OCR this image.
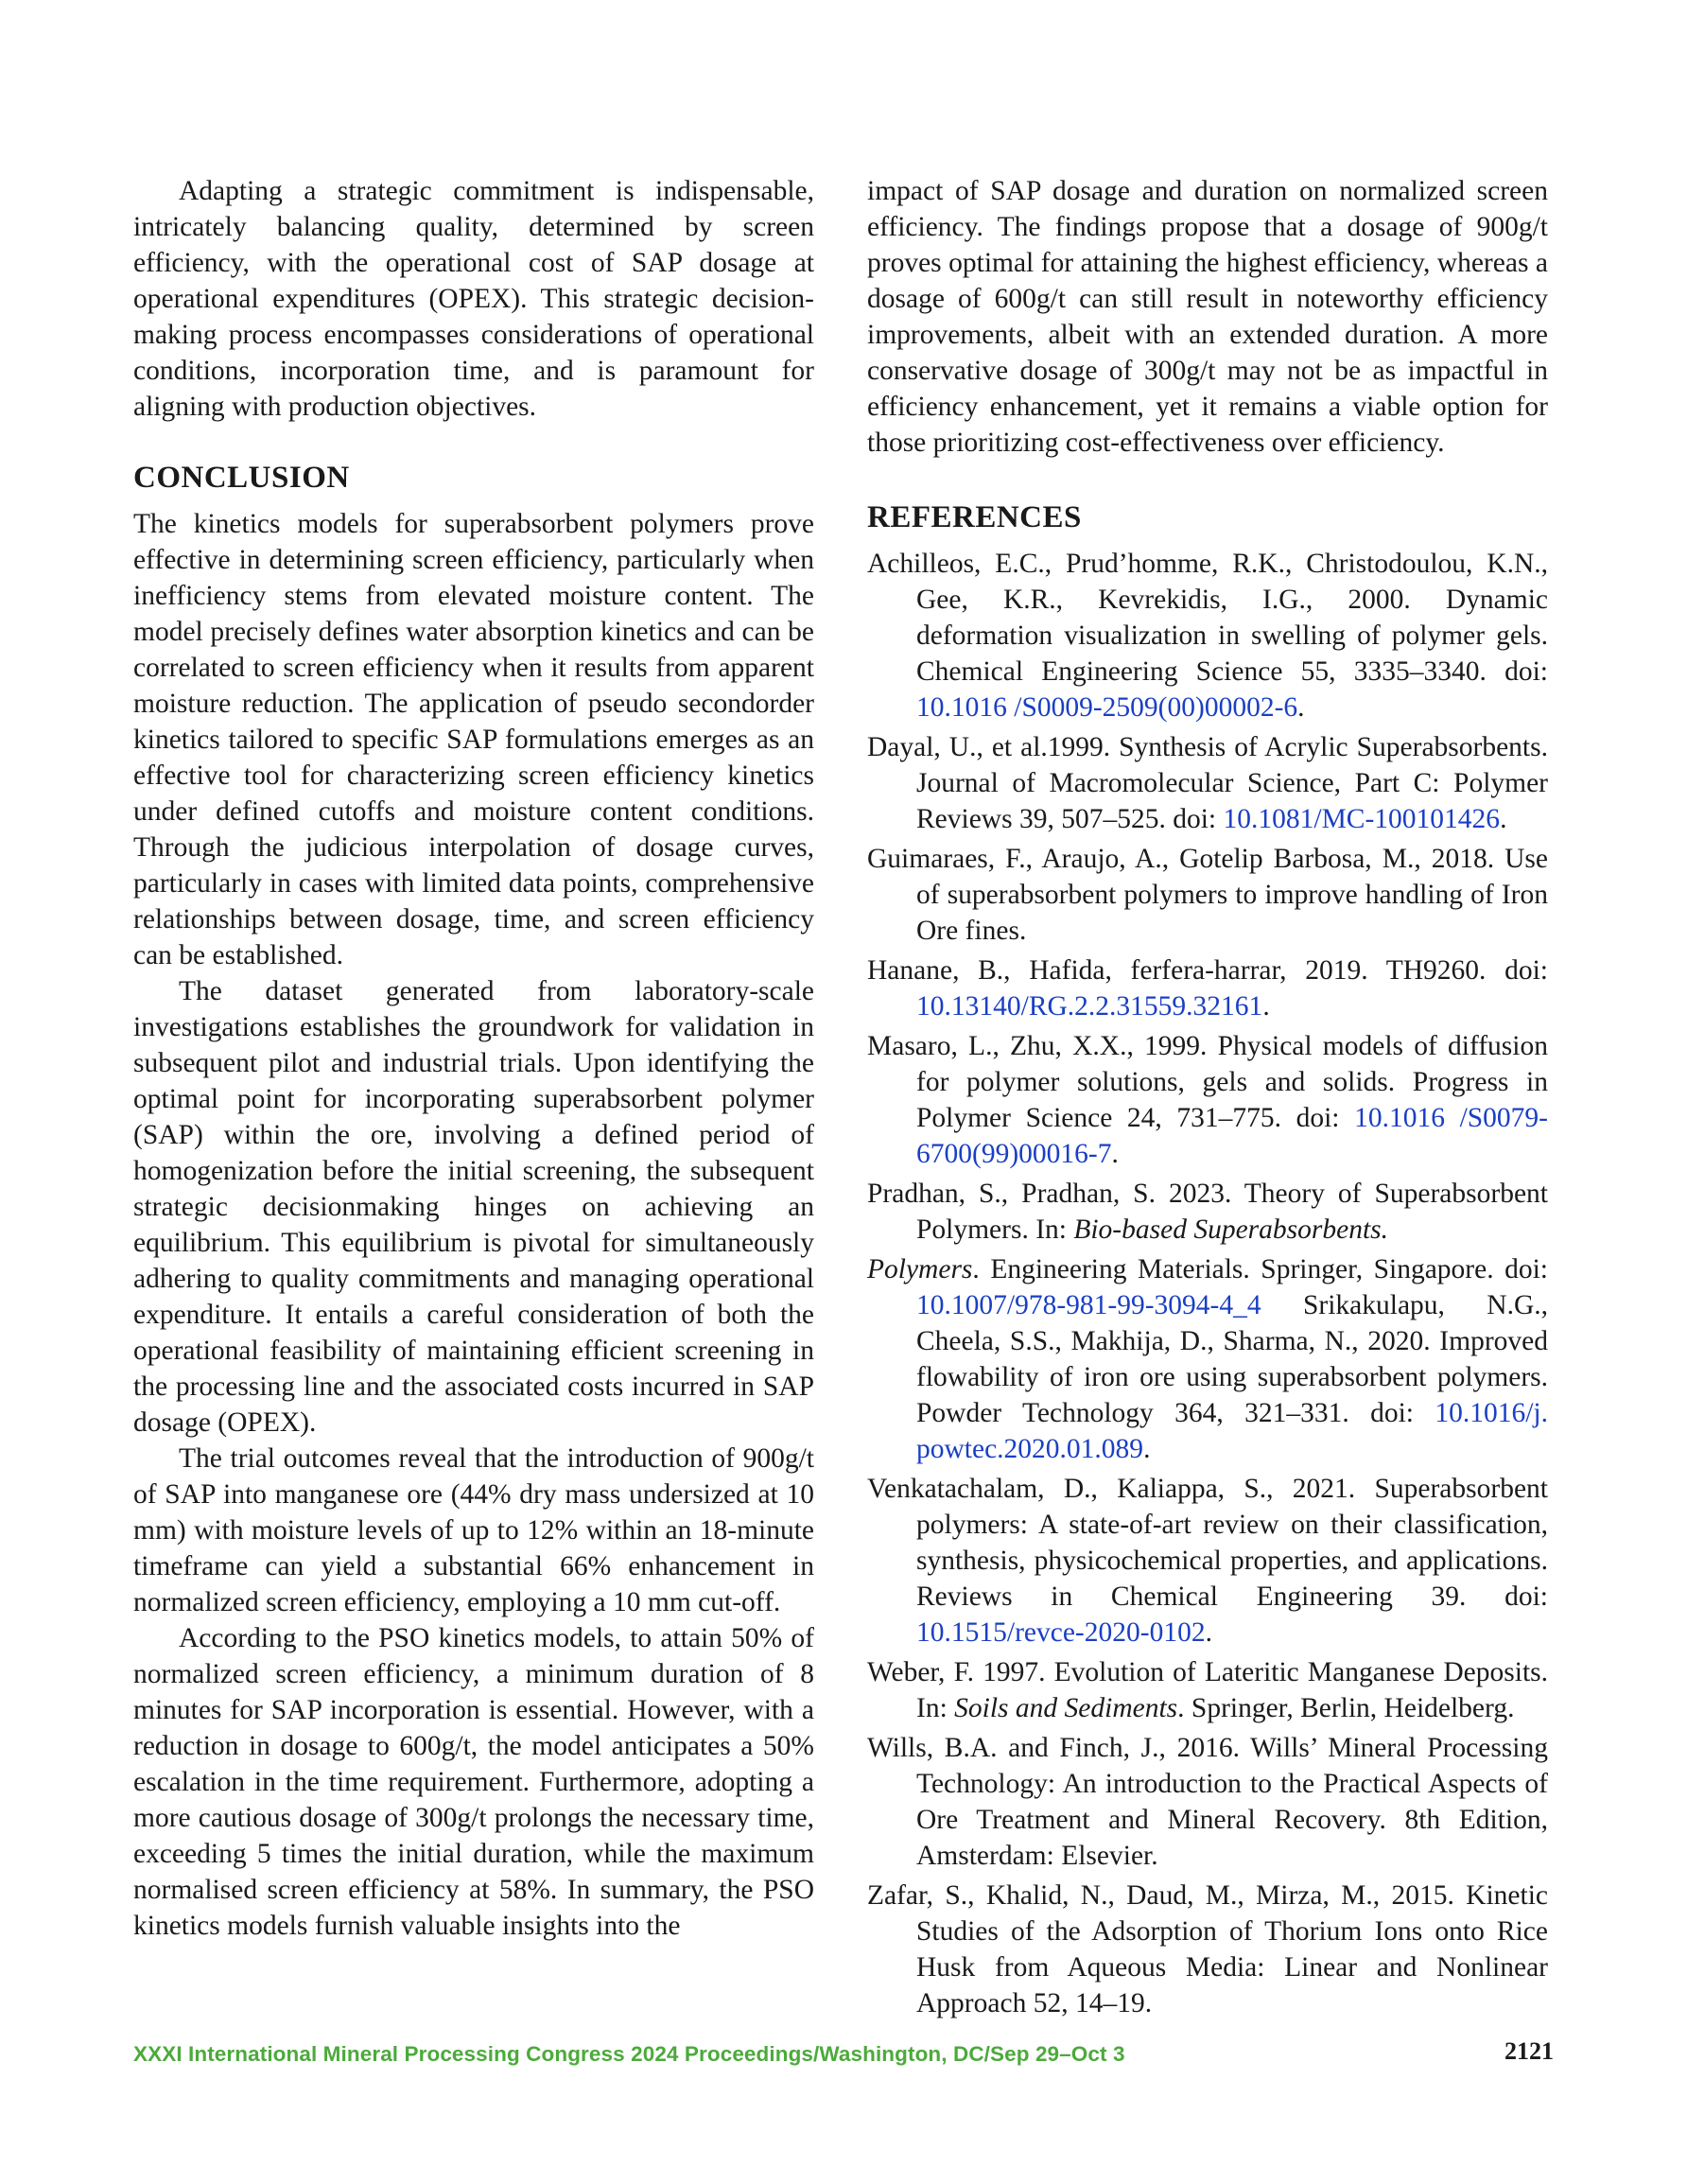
Adapting a strategic commitment is indispensable, intricately balancing quality, determined by screen efficiency, with the operational cost of SAP dosage at operational expenditures (OPEX). This strategic decision-making process encompasses considerations of operational conditions, incorporation time, and is paramount for aligning with production objectives.

CONCLUSION

The kinetics models for superabsorbent polymers prove effective in determining screen efficiency, particularly when inefficiency stems from elevated moisture content. The model precisely defines water absorption kinetics and can be correlated to screen efficiency when it results from apparent moisture reduction. The application of pseudo secondorder kinetics tailored to specific SAP formulations emerges as an effective tool for characterizing screen efficiency kinetics under defined cutoffs and moisture content conditions. Through the judicious interpolation of dosage curves, particularly in cases with limited data points, comprehensive relationships between dosage, time, and screen efficiency can be established.

The dataset generated from laboratory-scale investigations establishes the groundwork for validation in subsequent pilot and industrial trials. Upon identifying the optimal point for incorporating superabsorbent polymer (SAP) within the ore, involving a defined period of homogenization before the initial screening, the subsequent strategic decisionmaking hinges on achieving an equilibrium. This equilibrium is pivotal for simultaneously adhering to quality commitments and managing operational expenditure. It entails a careful consideration of both the operational feasibility of maintaining efficient screening in the processing line and the associated costs incurred in SAP dosage (OPEX).

The trial outcomes reveal that the introduction of 900g/t of SAP into manganese ore (44% dry mass undersized at 10 mm) with moisture levels of up to 12% within an 18-minute timeframe can yield a substantial 66% enhancement in normalized screen efficiency, employing a 10 mm cut-off.

According to the PSO kinetics models, to attain 50% of normalized screen efficiency, a minimum duration of 8 minutes for SAP incorporation is essential. However, with a reduction in dosage to 600g/t, the model anticipates a 50% escalation in the time requirement. Furthermore, adopting a more cautious dosage of 300g/t prolongs the necessary time, exceeding 5 times the initial duration, while the maximum normalised screen efficiency at 58%. In summary, the PSO kinetics models furnish valuable insights into the

impact of SAP dosage and duration on normalized screen efficiency. The findings propose that a dosage of 900g/t proves optimal for attaining the highest efficiency, whereas a dosage of 600g/t can still result in noteworthy efficiency improvements, albeit with an extended duration. A more conservative dosage of 300g/t may not be as impactful in efficiency enhancement, yet it remains a viable option for those prioritizing cost-effectiveness over efficiency.

REFERENCES

Achilleos, E.C., Prud’homme, R.K., Christodoulou, K.N., Gee, K.R., Kevrekidis, I.G., 2000. Dynamic deformation visualization in swelling of polymer gels. Chemical Engineering Science 55, 3335–3340. doi: 10.1016 /S0009-2509(00)00002-6.

Dayal, U., et al.1999. Synthesis of Acrylic Superabsorbents. Journal of Macromolecular Science, Part C: Polymer Reviews 39, 507–525. doi: 10.1081/MC-100101426.

Guimaraes, F., Araujo, A., Gotelip Barbosa, M., 2018. Use of superabsorbent polymers to improve handling of Iron Ore fines.

Hanane, B., Hafida, ferfera-harrar, 2019. TH9260. doi: 10.13140/RG.2.2.31559.32161.

Masaro, L., Zhu, X.X., 1999. Physical models of diffusion for polymer solutions, gels and solids. Progress in Polymer Science 24, 731–775. doi: 10.1016 /S0079-6700(99)00016-7.

Pradhan, S., Pradhan, S. 2023. Theory of Superabsorbent Polymers. In: Bio-based Superabsorbents.

Polymers. Engineering Materials. Springer, Singapore. doi: 10.1007/978-981-99-3094-4_4 Srikakulapu, N.G., Cheela, S.S., Makhija, D., Sharma, N., 2020. Improved flowability of iron ore using superabsorbent polymers. Powder Technology 364, 321–331. doi: 10.1016/j. powtec.2020.01.089.

Venkatachalam, D., Kaliappa, S., 2021. Superabsorbent polymers: A state-of-art review on their classification, synthesis, physicochemical properties, and applications. Reviews in Chemical Engineering 39. doi: 10.1515/revce-2020-0102.

Weber, F. 1997. Evolution of Lateritic Manganese Deposits. In: Soils and Sediments. Springer, Berlin, Heidelberg.

Wills, B.A. and Finch, J., 2016. Wills’ Mineral Processing Technology: An introduction to the Practical Aspects of Ore Treatment and Mineral Recovery. 8th Edition, Amsterdam: Elsevier.

Zafar, S., Khalid, N., Daud, M., Mirza, M., 2015. Kinetic Studies of the Adsorption of Thorium Ions onto Rice Husk from Aqueous Media: Linear and Nonlinear Approach 52, 14–19.

XXXI International Mineral Processing Congress 2024 Proceedings/Washington, DC/Sep 29–Oct 3	2121
